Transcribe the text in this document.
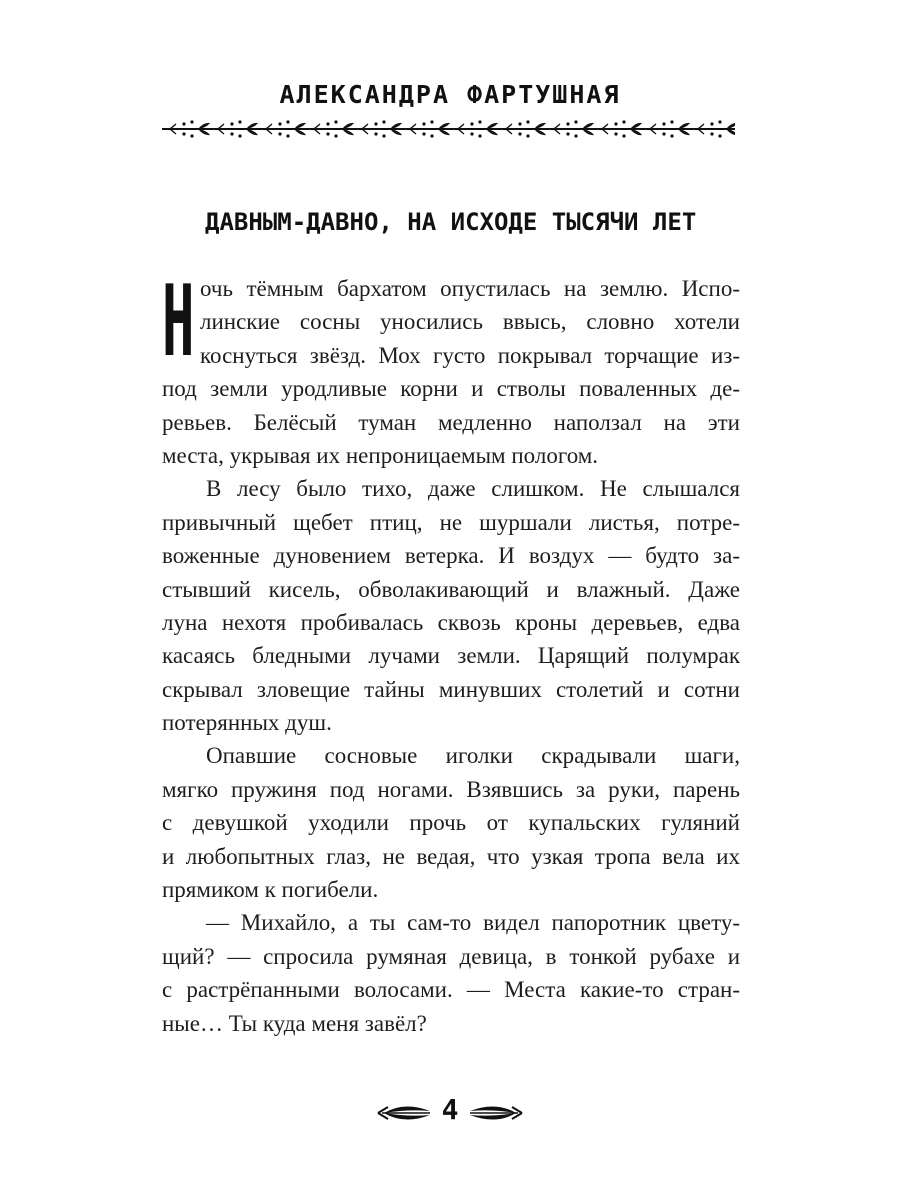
АЛЕКСАНДРА ФАРТУШНАЯ
ДАВНЫМ-ДАВНО, НА ИСХОДЕ ТЫСЯЧИ ЛЕТ
Н очь тёмным бархатом опустилась на землю. Испо-
линские сосны уносились ввысь, словно хотели
коснуться звёзд. Мох густо покрывал торчащие из-
под земли уродливые корни и стволы поваленных де-
ревьев. Белёсый туман медленно наползал на эти
места, укрывая их непроницаемым пологом.
В лесу было тихо, даже слишком. Не слышался
привычный щебет птиц, не шуршали листья, потре-
воженные дуновением ветерка. И воздух — будто за-
стывший кисель, обволакивающий и влажный. Даже
луна нехотя пробивалась сквозь кроны деревьев, едва
касаясь бледными лучами земли. Царящий полумрак
скрывал зловещие тайны минувших столетий и сотни
потерянных душ.
Опавшие сосновые иголки скрадывали шаги,
мягко пружиня под ногами. Взявшись за руки, парень
с девушкой уходили прочь от купальских гуляний
и любопытных глаз, не ведая, что узкая тропа вела их
прямиком к погибели.
— Михайло, а ты сам-то видел папоротник цвету-
щий? — спросила румяная девица, в тонкой рубахе и
с растрёпанными волосами. — Места какие-то стран-
ные… Ты куда меня завёл?
4
